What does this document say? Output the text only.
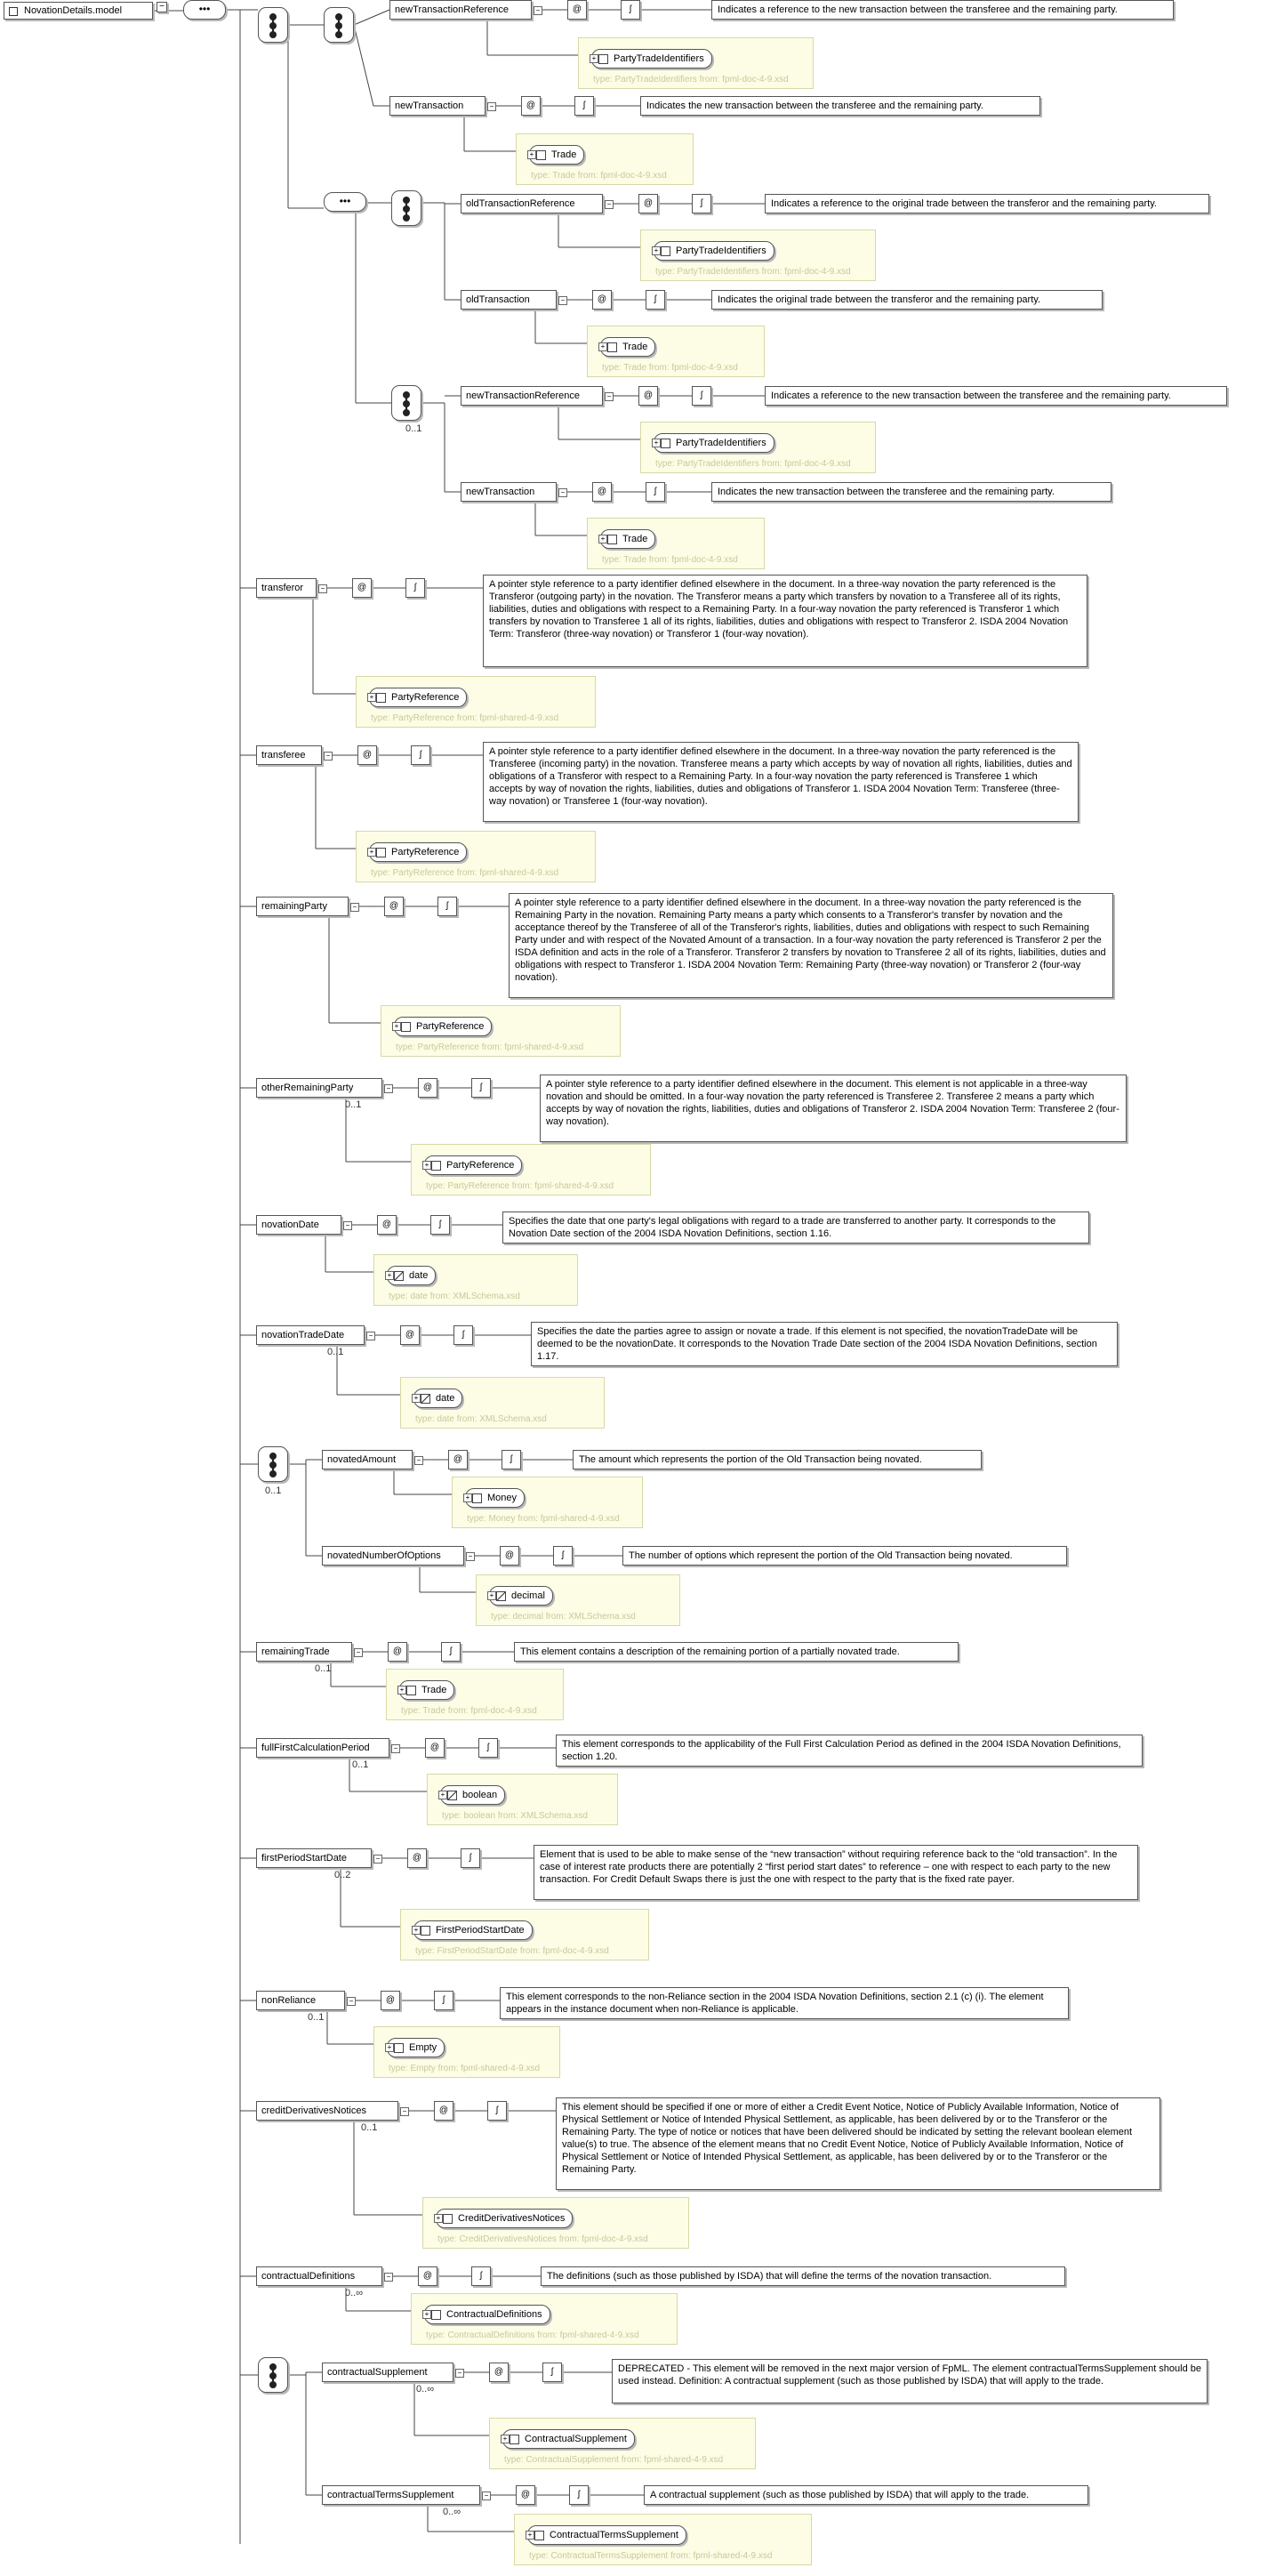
NovationDetails.model	−	•••
•••
0..1
0..1
newTransactionReference	−	@	ʃ	Indicates a reference to the new transaction between the transferee and the remaining party.
PartyTradeIdentifiers
+
type: PartyTradeIdentifiers from: fpml-doc-4-9.xsd
newTransaction	−	@	ʃ	Indicates the new transaction between the transferee and the remaining party.
Trade
+
type: Trade from: fpml-doc-4-9.xsd
oldTransactionReference	−	@	ʃ	Indicates a reference to the original trade between the transferor and the remaining party.
PartyTradeIdentifiers
+
type: PartyTradeIdentifiers from: fpml-doc-4-9.xsd
oldTransaction	−	@	ʃ	Indicates the original trade between the transferor and the remaining party.
Trade
+
type: Trade from: fpml-doc-4-9.xsd
newTransactionReference	−	@	ʃ	Indicates a reference to the new transaction between the transferee and the remaining party.
PartyTradeIdentifiers
+
type: PartyTradeIdentifiers from: fpml-doc-4-9.xsd
newTransaction	−	@	ʃ	Indicates the new transaction between the transferee and the remaining party.
Trade
+
type: Trade from: fpml-doc-4-9.xsd
transferor	−	@	ʃ	A pointer style reference to a party identifier defined elsewhere in the document. In a three-way novation the party referenced is the Transferor (outgoing party) in the novation. The Transferor means a party which transfers by novation to a Transferee all of its rights, liabilities, duties and obligations with respect to a Remaining Party. In a four-way novation the party referenced is Transferor 1 which transfers by novation to Transferee 1 all of its rights, liabilities, duties and obligations with respect to Transferor 2. ISDA 2004 Novation Term: Transferor (three-way novation) or Transferor 1 (four-way novation).
PartyReference
+
type: PartyReference from: fpml-shared-4-9.xsd
transferee	−	@	ʃ	A pointer style reference to a party identifier defined elsewhere in the document. In a three-way novation the party referenced is the Transferee (incoming party) in the novation. Transferee means a party which accepts by way of novation all rights, liabilities, duties and obligations of a Transferor with respect to a Remaining Party. In a four-way novation the party referenced is Transferee 1 which accepts by way of novation the rights, liabilities, duties and obligations of Transferor 1. ISDA 2004 Novation Term: Transferee (three-way novation) or Transferee 1 (four-way novation).
PartyReference
+
type: PartyReference from: fpml-shared-4-9.xsd
remainingParty	−	@	ʃ	A pointer style reference to a party identifier defined elsewhere in the document. In a three-way novation the party referenced is the Remaining Party in the novation. Remaining Party means a party which consents to a Transferor's transfer by novation and the acceptance thereof by the Transferee of all of the Transferor's rights, liabilities, duties and obligations with respect to such Remaining Party under and with respect of the Novated Amount of a transaction. In a four-way novation the party referenced is Transferor 2 per the ISDA definition and acts in the role of a Transferor. Transferor 2 transfers by novation to Transferee 2 all of its rights, liabilities, duties and obligations with respect to Transferor 1. ISDA 2004 Novation Term: Remaining Party (three-way novation) or Transferor 2 (four-way novation).
PartyReference
+
type: PartyReference from: fpml-shared-4-9.xsd
otherRemainingParty	−	@	ʃ	A pointer style reference to a party identifier defined elsewhere in the document. This element is not applicable in a three-way novation and should be omitted. In a four-way novation the party referenced is Transferee 2. Transferee 2 means a party which accepts by way of novation the rights, liabilities, duties and obligations of Transferor 2. ISDA 2004 Novation Term: Transferee 2 (four-way novation).
0..1
PartyReference
+
type: PartyReference from: fpml-shared-4-9.xsd
novationDate	−	@	ʃ	Specifies the date that one party's legal obligations with regard to a trade are transferred to another party. It corresponds to the Novation Date section of the 2004 ISDA Novation Definitions, section 1.16.
date
+
type: date from: XMLSchema.xsd
novationTradeDate	−	@	ʃ	Specifies the date the parties agree to assign or novate a trade. If this element is not specified, the novationTradeDate will be deemed to be the novationDate. It corresponds to the Novation Trade Date section of the 2004 ISDA Novation Definitions, section 1.17.
0..1
date
+
type: date from: XMLSchema.xsd
novatedAmount	−	@	ʃ	The amount which represents the portion of the Old Transaction being novated.
Money
+
type: Money from: fpml-shared-4-9.xsd
novatedNumberOfOptions	−	@	ʃ	The number of options which represent the portion of the Old Transaction being novated.
decimal
+
type: decimal from: XMLSchema.xsd
remainingTrade	−	@	ʃ	This element contains a description of the remaining portion of a partially novated trade.
0..1
Trade
+
type: Trade from: fpml-doc-4-9.xsd
fullFirstCalculationPeriod	−	@	ʃ	This element corresponds to the applicability of the Full First Calculation Period as defined in the 2004 ISDA Novation Definitions, section 1.20.
0..1
boolean
+
type: boolean from: XMLSchema.xsd
firstPeriodStartDate	−	@	ʃ	Element that is used to be able to make sense of the “new transaction” without requiring reference back to the “old transaction”. In the case of interest rate products there are potentially 2 “first period start dates” to reference – one with respect to each party to the new transaction. For Credit Default Swaps there is just the one with respect to the party that is the fixed rate payer.
0..2
FirstPeriodStartDate
+
type: FirstPeriodStartDate from: fpml-doc-4-9.xsd
nonReliance	−	@	ʃ	This element corresponds to the non-Reliance section in the 2004 ISDA Novation Definitions, section 2.1 (c) (i). The element appears in the instance document when non-Reliance is applicable.
0..1
Empty
+
type: Empty from: fpml-shared-4-9.xsd
creditDerivativesNotices	−	@	ʃ	This element should be specified if one or more of either a Credit Event Notice, Notice of Publicly Available Information, Notice of Physical Settlement or Notice of Intended Physical Settlement, as applicable, has been delivered by or to the Transferor or the Remaining Party. The type of notice or notices that have been delivered should be indicated by setting the relevant boolean element value(s) to true. The absence of the element means that no Credit Event Notice, Notice of Publicly Available Information, Notice of Physical Settlement or Notice of Intended Physical Settlement, as applicable, has been delivered by or to the Transferor or the Remaining Party.
0..1
CreditDerivativesNotices
+
type: CreditDerivativesNotices from: fpml-doc-4-9.xsd
contractualDefinitions	−	@	ʃ	The definitions (such as those published by ISDA) that will define the terms of the novation transaction.
0..∞
ContractualDefinitions
+
type: ContractualDefinitions from: fpml-shared-4-9.xsd
contractualSupplement	−	@	ʃ	DEPRECATED - This element will be removed in the next major version of FpML. The element contractualTermsSupplement should be used instead. Definition: A contractual supplement (such as those published by ISDA) that will apply to the trade.
0..∞
ContractualSupplement
+
type: ContractualSupplement from: fpml-shared-4-9.xsd
contractualTermsSupplement	−	@	ʃ	A contractual supplement (such as those published by ISDA) that will apply to the trade.
0..∞
ContractualTermsSupplement
+
type: ContractualTermsSupplement from: fpml-shared-4-9.xsd
